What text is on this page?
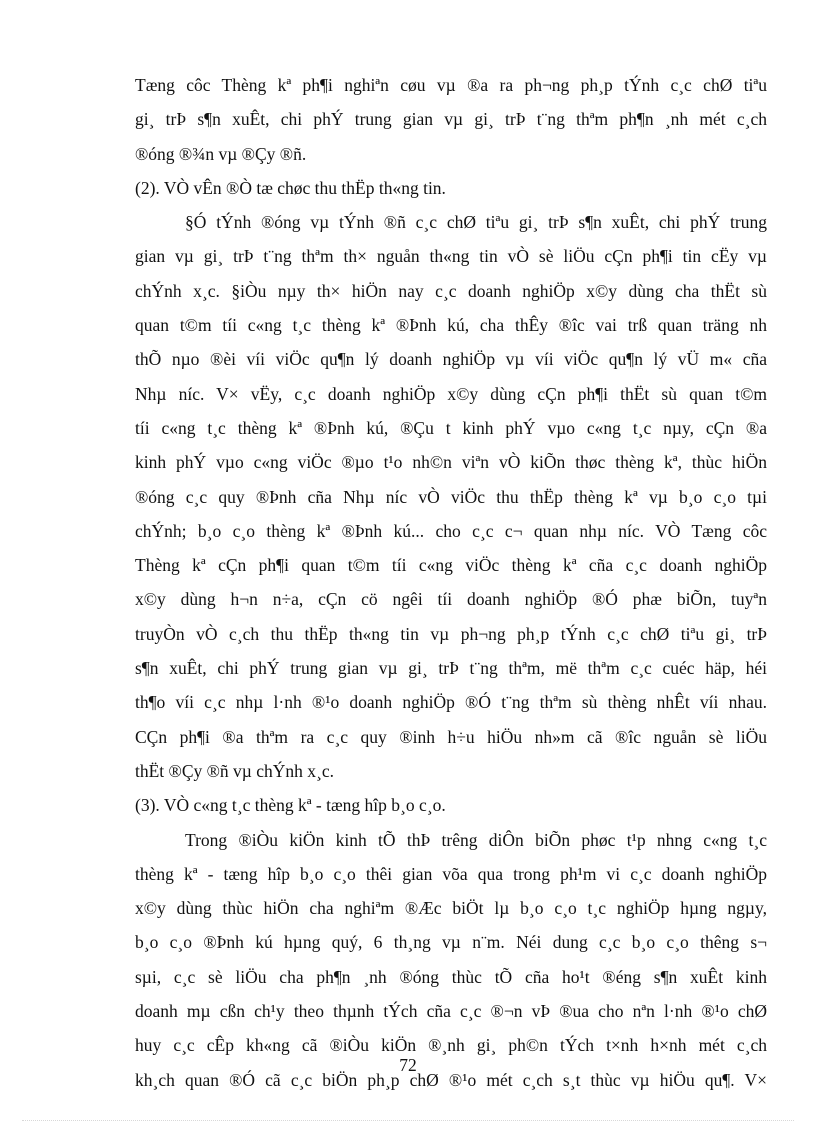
Tæng côc Thèng kª ph¶i nghiªn cøu vµ ®a ra ph¬ng ph¸p tÝnh c¸c chØ tiªu
gi¸ trÞ s¶n xuÊt, chi phÝ trung gian vµ gi¸ trÞ t¨ng thªm ph¶n ¸nh mét c¸ch
®óng ®¾n vµ ®Çy ®ñ.
(2). VÒ vÊn ®Ò tæ chøc thu thËp th«ng tin.
§Ó tÝnh ®óng vµ tÝnh ®ñ c¸c chØ tiªu gi¸ trÞ s¶n xuÊt, chi phÝ trung
gian vµ gi¸ trÞ t¨ng thªm th× nguån th«ng tin vÒ sè liÖu cÇn ph¶i tin cËy vµ
chÝnh x¸c. §iÒu nµy th× hiÖn nay c¸c doanh nghiÖp x©y dùng cha thËt sù
quan t©m tíi c«ng t¸c thèng kª ®Þnh kú, cha thÊy ®îc vai trß quan träng nh
thÕ nµo ®èi víi viÖc qu¶n lý doanh nghiÖp vµ víi viÖc qu¶n lý vÜ m« cña
Nhµ níc. V× vËy, c¸c doanh nghiÖp x©y dùng cÇn ph¶i thËt sù quan t©m
tíi c«ng t¸c thèng kª ®Þnh kú, ®Çu t kinh phÝ vµo c«ng t¸c nµy, cÇn ®a
kinh phÝ vµo c«ng viÖc ®µo t¹o nh©n viªn vÒ kiÕn thøc thèng kª, thùc hiÖn
®óng c¸c quy ®Þnh cña Nhµ níc vÒ viÖc thu thËp thèng kª vµ b¸o c¸o tµi
chÝnh; b¸o c¸o thèng kª ®Þnh kú... cho c¸c c¬ quan nhµ níc. VÒ Tæng côc
Thèng kª cÇn ph¶i quan t©m tíi c«ng viÖc thèng kª cña c¸c doanh nghiÖp
x©y dùng h¬n n÷a, cÇn cö ngêi tíi doanh nghiÖp ®Ó phæ biÕn, tuyªn
truyÒn vÒ c¸ch thu thËp th«ng tin vµ ph¬ng ph¸p tÝnh c¸c chØ tiªu gi¸ trÞ
s¶n xuÊt, chi phÝ trung gian vµ gi¸ trÞ t¨ng thªm, më thªm c¸c cuéc häp, héi
th¶o víi c¸c nhµ l·nh ®¹o doanh nghiÖp ®Ó t¨ng thªm sù thèng nhÊt víi nhau.
CÇn ph¶i ®a thªm ra c¸c quy ®inh h÷u hiÖu nh»m cã ®îc nguån sè liÖu
thËt ®Çy ®ñ vµ chÝnh x¸c.
(3). VÒ c«ng t¸c thèng kª - tæng hîp b¸o c¸o.
Trong ®iÒu kiÖn kinh tÕ thÞ trêng diÔn biÕn phøc t¹p nhng c«ng t¸c
thèng kª - tæng hîp b¸o c¸o thêi gian võa qua trong ph¹m vi c¸c doanh nghiÖp
x©y dùng thùc hiÖn cha nghiªm ®Æc biÖt lµ b¸o c¸o t¸c nghiÖp hµng ngµy,
b¸o c¸o ®Þnh kú hµng quý, 6 th¸ng vµ n¨m. Néi dung c¸c b¸o c¸o thêng s¬
sµi, c¸c sè liÖu cha ph¶n ¸nh ®óng thùc tÕ cña ho¹t ®éng s¶n xuÊt kinh
doanh mµ cßn ch¹y theo thµnh tÝch cña c¸c ®¬n vÞ ®ua cho nªn l·nh ®¹o chØ
huy c¸c cÊp kh«ng cã ®iÒu kiÖn ®¸nh gi¸ ph©n tÝch t×nh h×nh mét c¸ch
kh¸ch quan ®Ó cã c¸c biÖn ph¸p chØ ®¹o mét c¸ch s¸t thùc vµ hiÖu qu¶. V×
72
